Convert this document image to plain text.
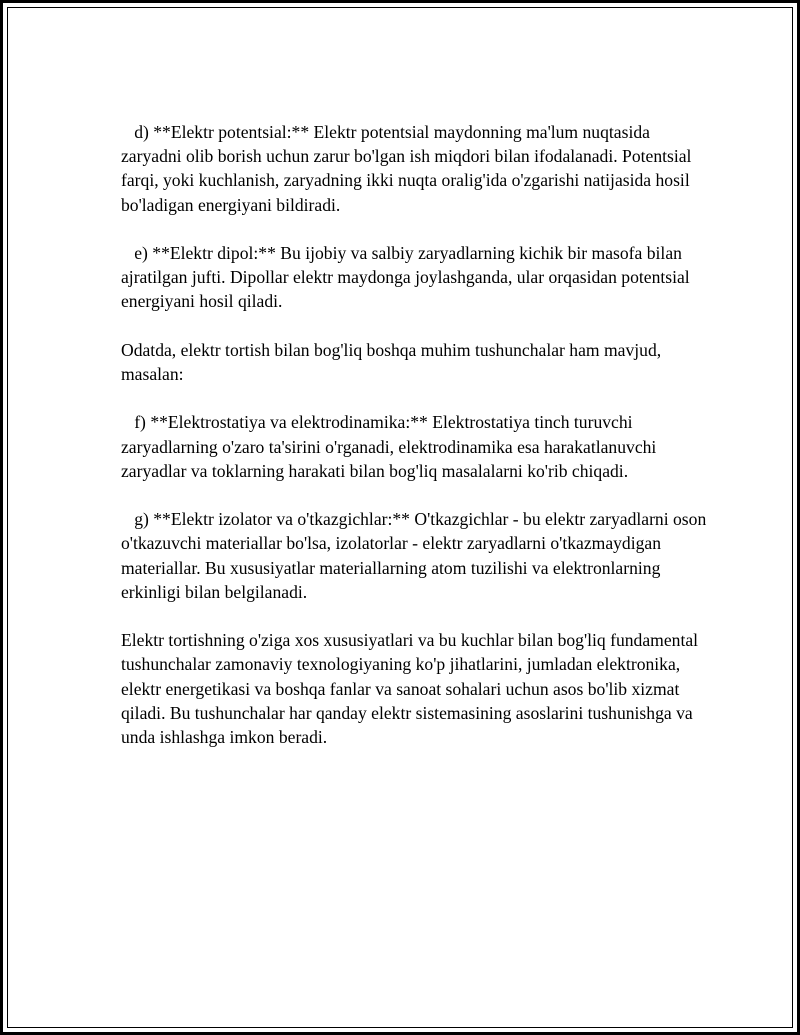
d) **Elektr potentsial:** Elektr potentsial maydonning ma'lum nuqtasida zaryadni olib borish uchun zarur bo'lgan ish miqdori bilan ifodalanadi. Potentsial farqi, yoki kuchlanish, zaryadning ikki nuqta oralig'ida o'zgarishi natijasida hosil bo'ladigan energiyani bildiradi.

e) **Elektr dipol:** Bu ijobiy va salbiy zaryadlarning kichik bir masofa bilan ajratilgan jufti. Dipollar elektr maydonga joylashganda, ular orqasidan potentsial energiyani hosil qiladi.

Odatda, elektr tortish bilan bog'liq boshqa muhim tushunchalar ham mavjud, masalan:

f) **Elektrostatiya va elektrodinamika:** Elektrostatiya tinch turuvchi zaryadlarning o'zaro ta'sirini o'rganadi, elektrodinamika esa harakatlanuvchi zaryadlar va toklarning harakati bilan bog'liq masalalarni ko'rib chiqadi.

g) **Elektr izolator va o'tkazgichlar:** O'tkazgichlar - bu elektr zaryadlarni oson o'tkazuvchi materiallar bo'lsa, izolatorlar - elektr zaryadlarni o'tkazmaydigan materiallar. Bu xususiyatlar materiallarning atom tuzilishi va elektronlarning erkinligi bilan belgilanadi.

Elektr tortishning o'ziga xos xususiyatlari va bu kuchlar bilan bog'liq fundamental tushunchalar zamonaviy texnologiyaning ko'p jihatlarini, jumladan elektronika, elektr energetikasi va boshqa fanlar va sanoat sohalari uchun asos bo'lib xizmat qiladi. Bu tushunchalar har qanday elektr sistemasining asoslarini tushunishga va unda ishlashga imkon beradi.
